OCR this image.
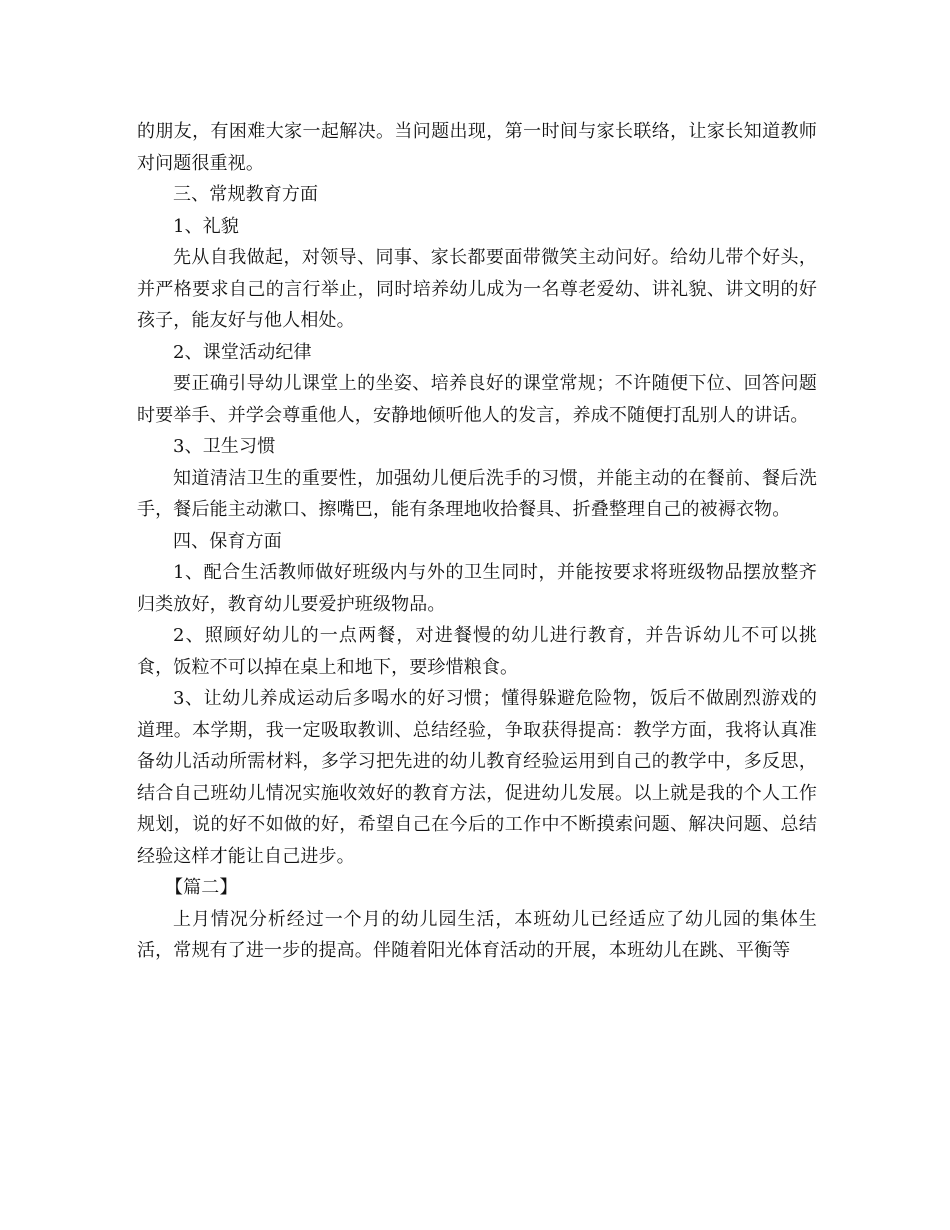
的朋友，有困难大家一起解决。当问题出现，第一时间与家长联络，让家长知道教师对问题很重视。

三、常规教育方面

1、礼貌

先从自我做起，对领导、同事、家长都要面带微笑主动问好。给幼儿带个好头，并严格要求自己的言行举止，同时培养幼儿成为一名尊老爱幼、讲礼貌、讲文明的好孩子，能友好与他人相处。

2、课堂活动纪律

要正确引导幼儿课堂上的坐姿、培养良好的课堂常规；不许随便下位、回答问题时要举手、并学会尊重他人，安静地倾听他人的发言，养成不随便打乱别人的讲话。

3、卫生习惯

知道清洁卫生的重要性，加强幼儿便后洗手的习惯，并能主动的在餐前、餐后洗手，餐后能主动漱口、擦嘴巴，能有条理地收拾餐具、折叠整理自己的被褥衣物。

四、保育方面

1、配合生活教师做好班级内与外的卫生同时，并能按要求将班级物品摆放整齐归类放好，教育幼儿要爱护班级物品。

2、照顾好幼儿的一点两餐，对进餐慢的幼儿进行教育，并告诉幼儿不可以挑食，饭粒不可以掉在桌上和地下，要珍惜粮食。

3、让幼儿养成运动后多喝水的好习惯；懂得躲避危险物，饭后不做剧烈游戏的道理。本学期，我一定吸取教训、总结经验，争取获得提高：教学方面，我将认真准备幼儿活动所需材料，多学习把先进的幼儿教育经验运用到自己的教学中，多反思，结合自己班幼儿情况实施收效好的教育方法，促进幼儿发展。以上就是我的个人工作规划，说的好不如做的好，希望自己在今后的工作中不断摸索问题、解决问题、总结经验这样才能让自己进步。

【篇二】

上月情况分析经过一个月的幼儿园生活，本班幼儿已经适应了幼儿园的集体生活，常规有了进一步的提高。伴随着阳光体育活动的开展，本班幼儿在跳、平衡等
